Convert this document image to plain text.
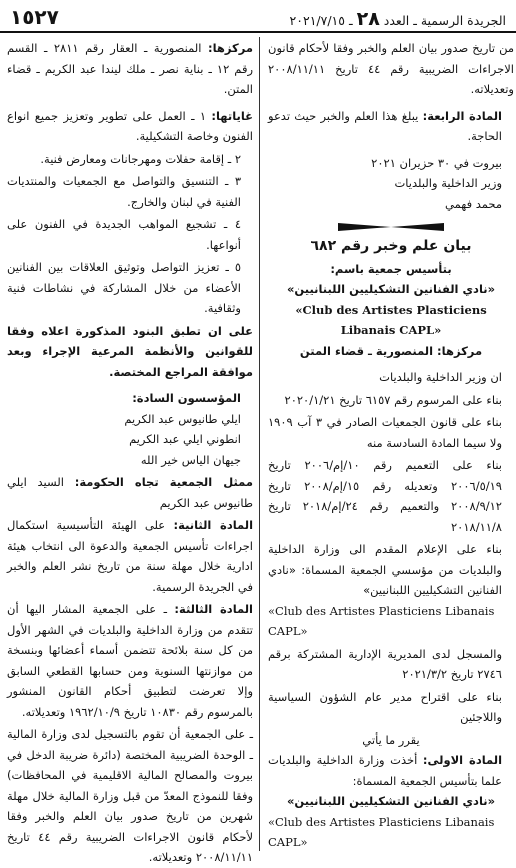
الجريدة الرسمية ـ العدد ٢٨ ـ ٢٠٢١/٧/١٥
١٥٢٧

من تاريخ صدور بيان العلم والخبر وفقا لأحكام قانون الاجراءات الضريبية رقم ٤٤ تاريخ ٢٠٠٨/١١/١١ وتعديلاته.

المادة الرابعة: يبلغ هذا العلم والخبر حيث تدعو الحاجة.

بيروت في ٣٠ حزيران ٢٠٢١

وزير الداخلية والبلديات

محمد فهمي

بيان علم وخبر رقم ٦٨٢

بتأسيس جمعية باسم:

«نادي الفنانين التشكيليين اللبنانيين»

«Club des Artistes Plasticiens Libanais CAPL»

مركزها: المنصورية ـ قضاء المتن

ان وزير الداخلية والبلديات

بناء على المرسوم رقم ٦١٥٧ تاريخ ٢٠٢٠/١/٢١

بناء على قانون الجمعيات الصادر في ٣ آب ١٩٠٩ ولا سيما المادة السادسة منه

بناء على التعميم رقم ١٠/إم/٢٠٠٦ تاريخ ٢٠٠٦/٥/١٩ وتعديله رقم ١٥/إم/٢٠٠٨ تاريخ ٢٠٠٨/٩/١٢ والتعميم رقم ٢٤/إم/٢٠١٨ تاريخ ٢٠١٨/١١/٨

بناء على الإعلام المقدم الى وزارة الداخلية والبلديات من مؤسسي الجمعية المسماة: «نادي الفنانين التشكيليين اللبنانيين»

«Club des Artistes Plasticiens Libanais CAPL»

والمسجل لدى المديرية الإدارية المشتركة برقم ٢٧٤٦ تاريخ ٢٠٢١/٣/٢

بناء على اقتراح مدير عام الشؤون السياسية واللاجئين

يقرر ما يأتي

المادة الاولى: أخذت وزارة الداخلية والبلديات علما بتأسيس الجمعية المسماة:

«نادي الفنانين التشكيليين اللبنانيين»

«Club des Artistes Plasticiens Libanais CAPL»

مركزها: المنصورية ـ العقار رقم ٢٨١١ ـ القسم رقم ١٢ ـ بناية نصر ـ ملك ليندا عبد الكريم ـ قضاء المتن.

غاياتها: ١ ـ العمل على تطوير وتعزيز جميع انواع الفنون وخاصة التشكيلية.

٢ ـ إقامة حفلات ومهرجانات ومعارض فنية.

٣ ـ التنسيق والتواصل مع الجمعيات والمنتديات الفنية في لبنان والخارج.

٤ ـ تشجيع المواهب الجديدة في الفنون على أنواعها.

٥ ـ تعزيز التواصل وتوثيق العلاقات بين الفنانين الأعضاء من خلال المشاركة في نشاطات فنية وثقافية.

على ان تطبق البنود المذكورة اعلاه وفقا للقوانين والأنظمة المرعية الإجراء وبعد موافقة المراجع المختصة.

المؤسسون السادة:

ايلي طانيوس عبد الكريم

انطوني ايلي عبد الكريم

جيهان الياس خير الله

ممثل الجمعية تجاه الحكومة: السيد ايلي طانيوس عبد الكريم

المادة الثانية: على الهيئة التأسيسية استكمال اجراءات تأسيس الجمعية والدعوة الى انتخاب هيئة ادارية خلال مهلة سنة من تاريخ نشر العلم والخبر في الجريدة الرسمية.

المادة الثالثة: ـ على الجمعية المشار اليها أن تتقدم من وزارة الداخلية والبلديات في الشهر الأول من كل سنة بلائحة تتضمن أسماء أعضائها وبنسخة من موازنتها السنوية ومن حسابها القطعي السابق وإلا تعرضت لتطبيق أحكام القانون المنشور بالمرسوم رقم ١٠٨٣٠ تاريخ ١٩٦٢/١٠/٩ وتعديلاته.

ـ على الجمعية أن تقوم بالتسجيل لدى وزارة المالية ـ الوحدة الضريبية المختصة (دائرة ضريبة الدخل في بيروت والمصالح المالية الاقليمية في المحافظات) وفقا للنموذج المعدّ من قبل وزارة المالية خلال مهلة شهرين من تاريخ صدور بيان العلم والخبر وفقا لأحكام قانون الاجراءات الضريبية رقم ٤٤ تاريخ ٢٠٠٨/١١/١١ وتعديلاته.
